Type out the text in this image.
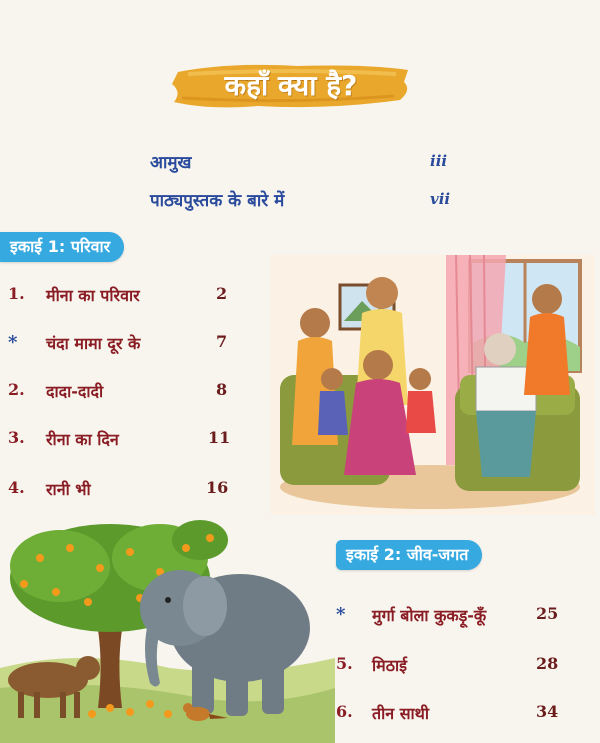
कहाँ क्या है?
आमुख	iii
पाठ्यपुस्तक के बारे में	vii
इकाई 1: परिवार
1. मीना का परिवार	2
* चंदा मामा दूर के	7
2. दादा-दादी	8
3. रीना का दिन	11
4. रानी भी	16
इकाई 2: जीव-जगत
* मुर्गा बोला कुकड़ू-कूँ	25
5. मिठाई	28
6. तीन साथी	34
